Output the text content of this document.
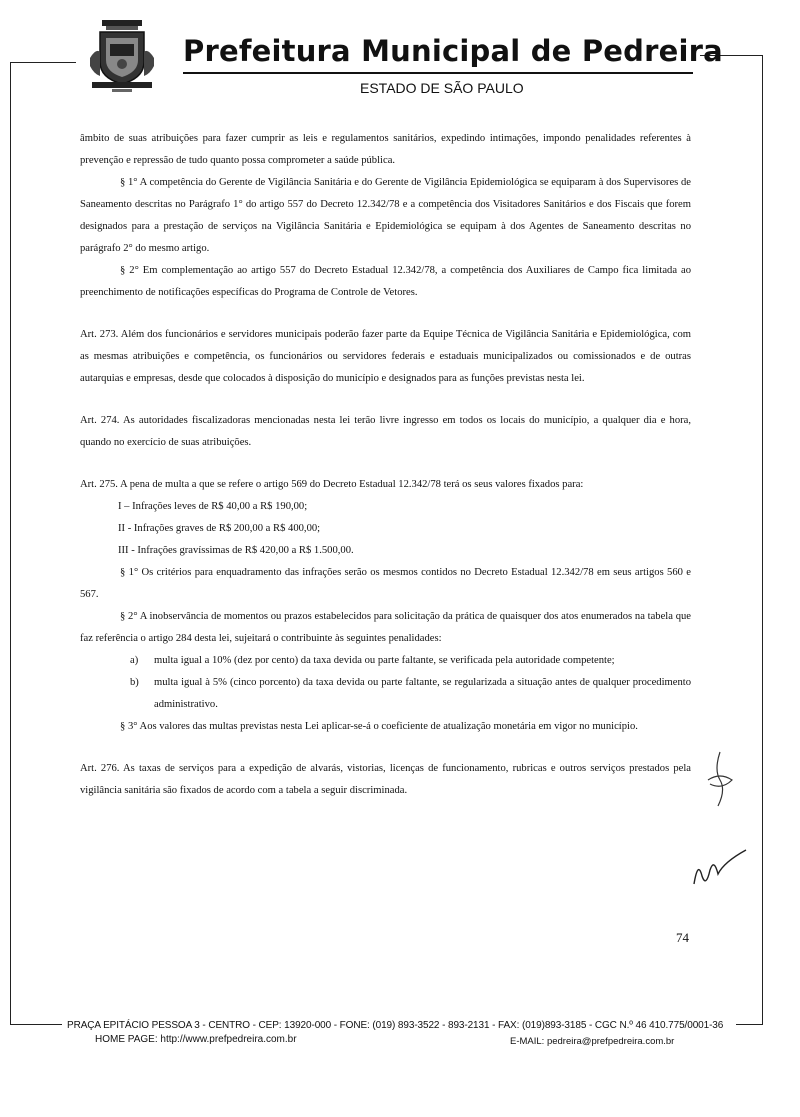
Prefeitura Municipal de Pedreira
ESTADO DE SÃO PAULO

âmbito de suas atribuições para fazer cumprir as leis e regulamentos sanitários, expedindo intimações, impondo penalidades referentes à prevenção e repressão de tudo quanto possa comprometer a saúde pública.

§ 1° A competência do Gerente de Vigilância Sanitária e do Gerente de Vigilância Epidemiológica se equiparam à dos Supervisores de Saneamento descritas no Parágrafo 1° do artigo 557 do Decreto 12.342/78 e a competência dos Visitadores Sanitários e dos Fiscais que forem designados para a prestação de serviços na Vigilância Sanitária e Epidemiológica se equipam à dos Agentes de Saneamento descritas no parágrafo 2° do mesmo artigo.

§ 2° Em complementação ao artigo 557 do Decreto Estadual 12.342/78, a competência dos Auxiliares de Campo fica limitada ao preenchimento de notificações específicas do Programa de Controle de Vetores.

Art. 273. Além dos funcionários e servidores municipais poderão fazer parte da Equipe Técnica de Vigilância Sanitária e Epidemiológica, com as mesmas atribuições e competência, os funcionários ou servidores federais e estaduais municipalizados ou comissionados e de outras autarquias e empresas, desde que colocados à disposição do município e designados para as funções previstas nesta lei.

Art. 274. As autoridades fiscalizadoras mencionadas nesta lei terão livre ingresso em todos os locais do município, a qualquer dia e hora, quando no exercício de suas atribuições.

Art. 275. A pena de multa a que se refere o artigo 569 do Decreto Estadual 12.342/78 terá os seus valores fixados para:

I – Infrações leves de R$ 40,00 a R$ 190,00;

II - Infrações graves de R$ 200,00 a R$ 400,00;

III - Infrações gravíssimas de R$ 420,00 a R$ 1.500,00.

§ 1° Os critérios para enquadramento das infrações serão os mesmos contidos no Decreto Estadual 12.342/78 em seus artigos 560 e 567.

§ 2° A inobservância de momentos ou prazos estabelecidos para solicitação da prática de quaisquer dos atos enumerados na tabela que faz referência o artigo 284 desta lei, sujeitará o contribuinte às seguintes penalidades:

a)	multa igual a 10% (dez por cento) da taxa devida ou parte faltante, se verificada pela autoridade competente;
b)	multa igual à 5% (cinco porcento) da taxa devida ou parte faltante, se regularizada a situação antes de qualquer procedimento administrativo.

§ 3° Aos valores das multas previstas nesta Lei aplicar-se-á o coeficiente de atualização monetária em vigor no município.

Art. 276. As taxas de serviços para a expedição de alvarás, vistorias, licenças de funcionamento, rubricas e outros serviços prestados pela vigilância sanitária são fixados de acordo com a tabela a seguir discriminada.

74
PRAÇA EPITÁCIO PESSOA 3 - CENTRO - CEP: 13920-000 - FONE: (019) 893-3522 - 893-2131 - FAX: (019)893-3185 - CGC N.º 46 410.775/0001-36
HOME PAGE: http://www.prefpedreira.com.br	E-MAIL: pedreira@prefpedreira.com.br
